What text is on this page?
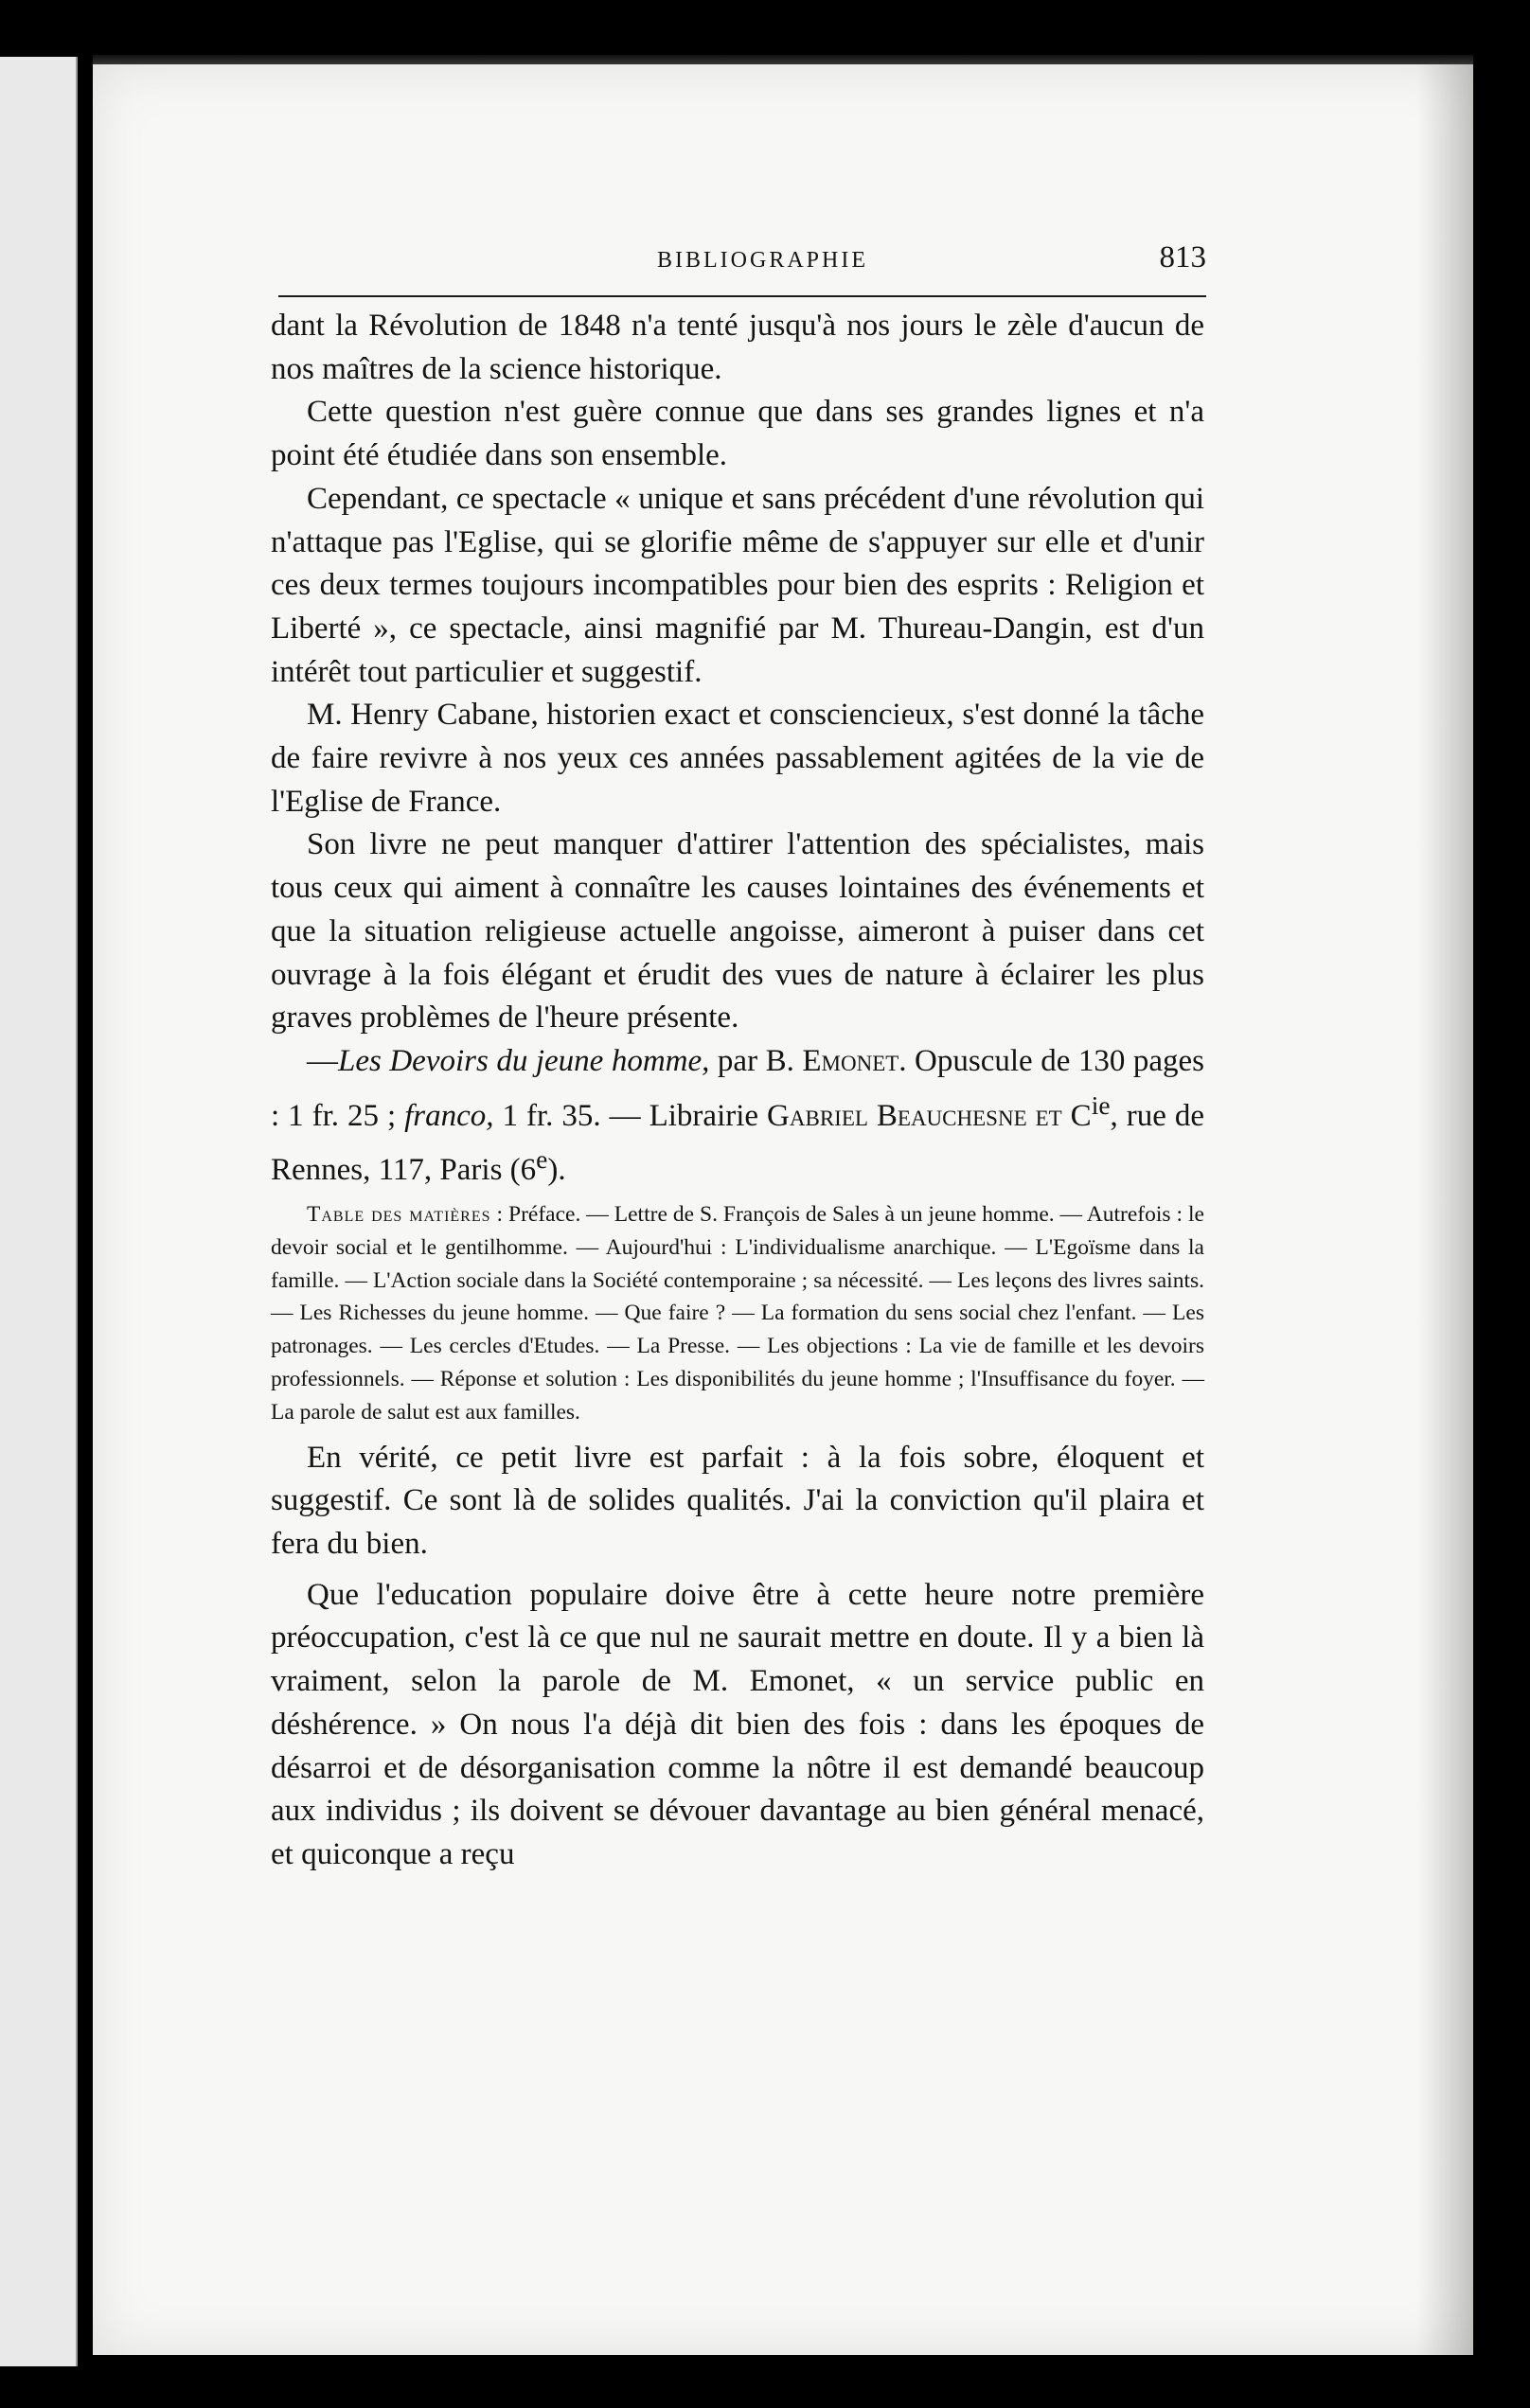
BIBLIOGRAPHIE	813

dant la Révolution de 1848 n'a tenté jusqu'à nos jours le zèle d'aucun de nos maîtres de la science historique.

Cette question n'est guère connue que dans ses grandes lignes et n'a point été étudiée dans son ensemble.

Cependant, ce spectacle « unique et sans précédent d'une révolution qui n'attaque pas l'Eglise, qui se glorifie même de s'appuyer sur elle et d'unir ces deux termes toujours incompatibles pour bien des esprits : Religion et Liberté », ce spectacle, ainsi magnifié par M. Thureau-Dangin, est d'un intérêt tout particulier et suggestif.

M. Henry Cabane, historien exact et consciencieux, s'est donné la tâche de faire revivre à nos yeux ces années passablement agitées de la vie de l'Eglise de France.

Son livre ne peut manquer d'attirer l'attention des spécialistes, mais tous ceux qui aiment à connaître les causes lointaines des événements et que la situation religieuse actuelle angoisse, aimeront à puiser dans cet ouvrage à la fois élégant et érudit des vues de nature à éclairer les plus graves problèmes de l'heure présente.

—Les Devoirs du jeune homme, par B. Emonet. Opuscule de 130 pages : 1 fr. 25 ; franco, 1 fr. 35. — Librairie Gabriel Beauchesne et $C^{ie}$, rue de Rennes, 117, Paris (6e).

Table des matières : Préface. — Lettre de S. François de Sales à un jeune homme. — Autrefois : le devoir social et le gentilhomme. — Aujourd'hui : L'individualisme anarchique. — L'Egoïsme dans la famille. — L'Action sociale dans la Société contemporaine ; sa nécessité. — Les leçons des livres saints. — Les Richesses du jeune homme. — Que faire ? — La formation du sens social chez l'enfant. — Les patronages. — Les cercles d'Etudes. — La Presse. — Les objections : La vie de famille et les devoirs professionnels. — Réponse et solution : Les disponibilités du jeune homme ; l'Insuffisance du foyer. — La parole de salut est aux familles.

En vérité, ce petit livre est parfait : à la fois sobre, éloquent et suggestif. Ce sont là de solides qualités. J'ai la conviction qu'il plaira et fera du bien.

Que l'education populaire doive être à cette heure notre première préoccupation, c'est là ce que nul ne saurait mettre en doute. Il y a bien là vraiment, selon la parole de M. Emonet, « un service public en déshérence. » On nous l'a déjà dit bien des fois : dans les époques de désarroi et de désorganisation comme la nôtre il est demandé beaucoup aux individus ; ils doivent se dévouer davantage au bien général menacé, et quiconque a reçu
